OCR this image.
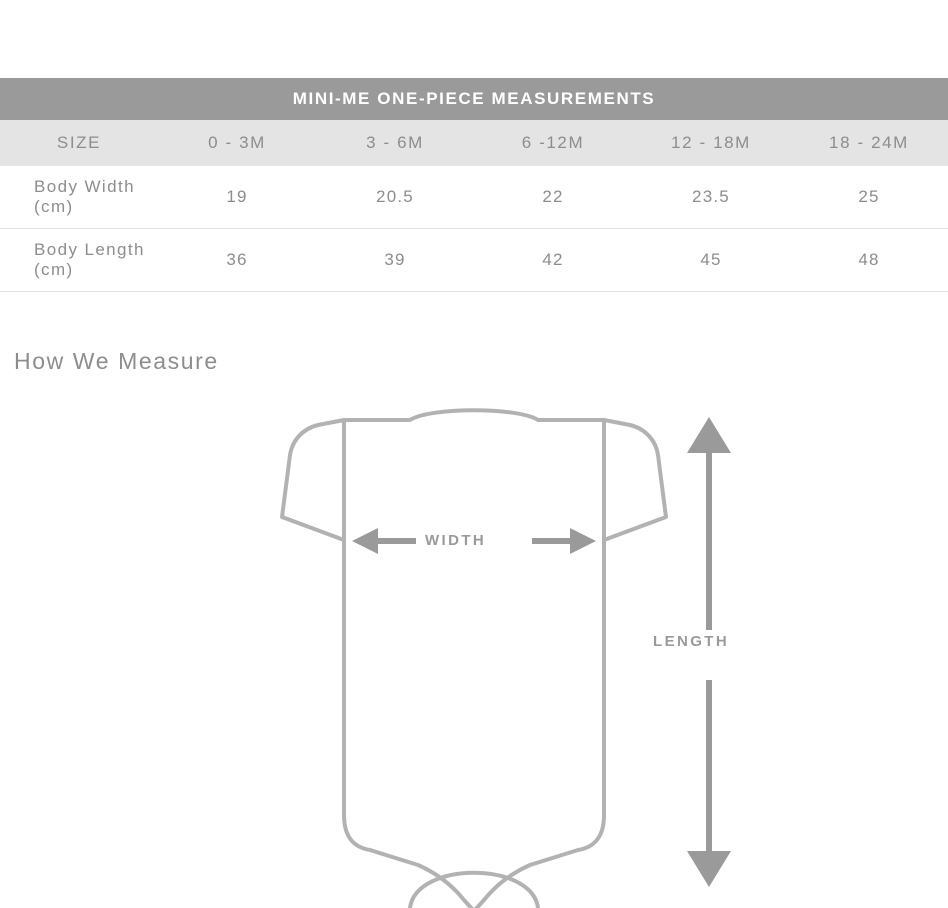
MINI-ME ONE-PIECE MEASUREMENTS					
SIZE	0 - 3M	3 - 6M	6 -12M	12 - 18M	18 - 24M
Body Width (cm)	19	20.5	22	23.5	25
Body Length (cm)	36	39	42	45	48
How We Measure
WIDTH
LENGTH
